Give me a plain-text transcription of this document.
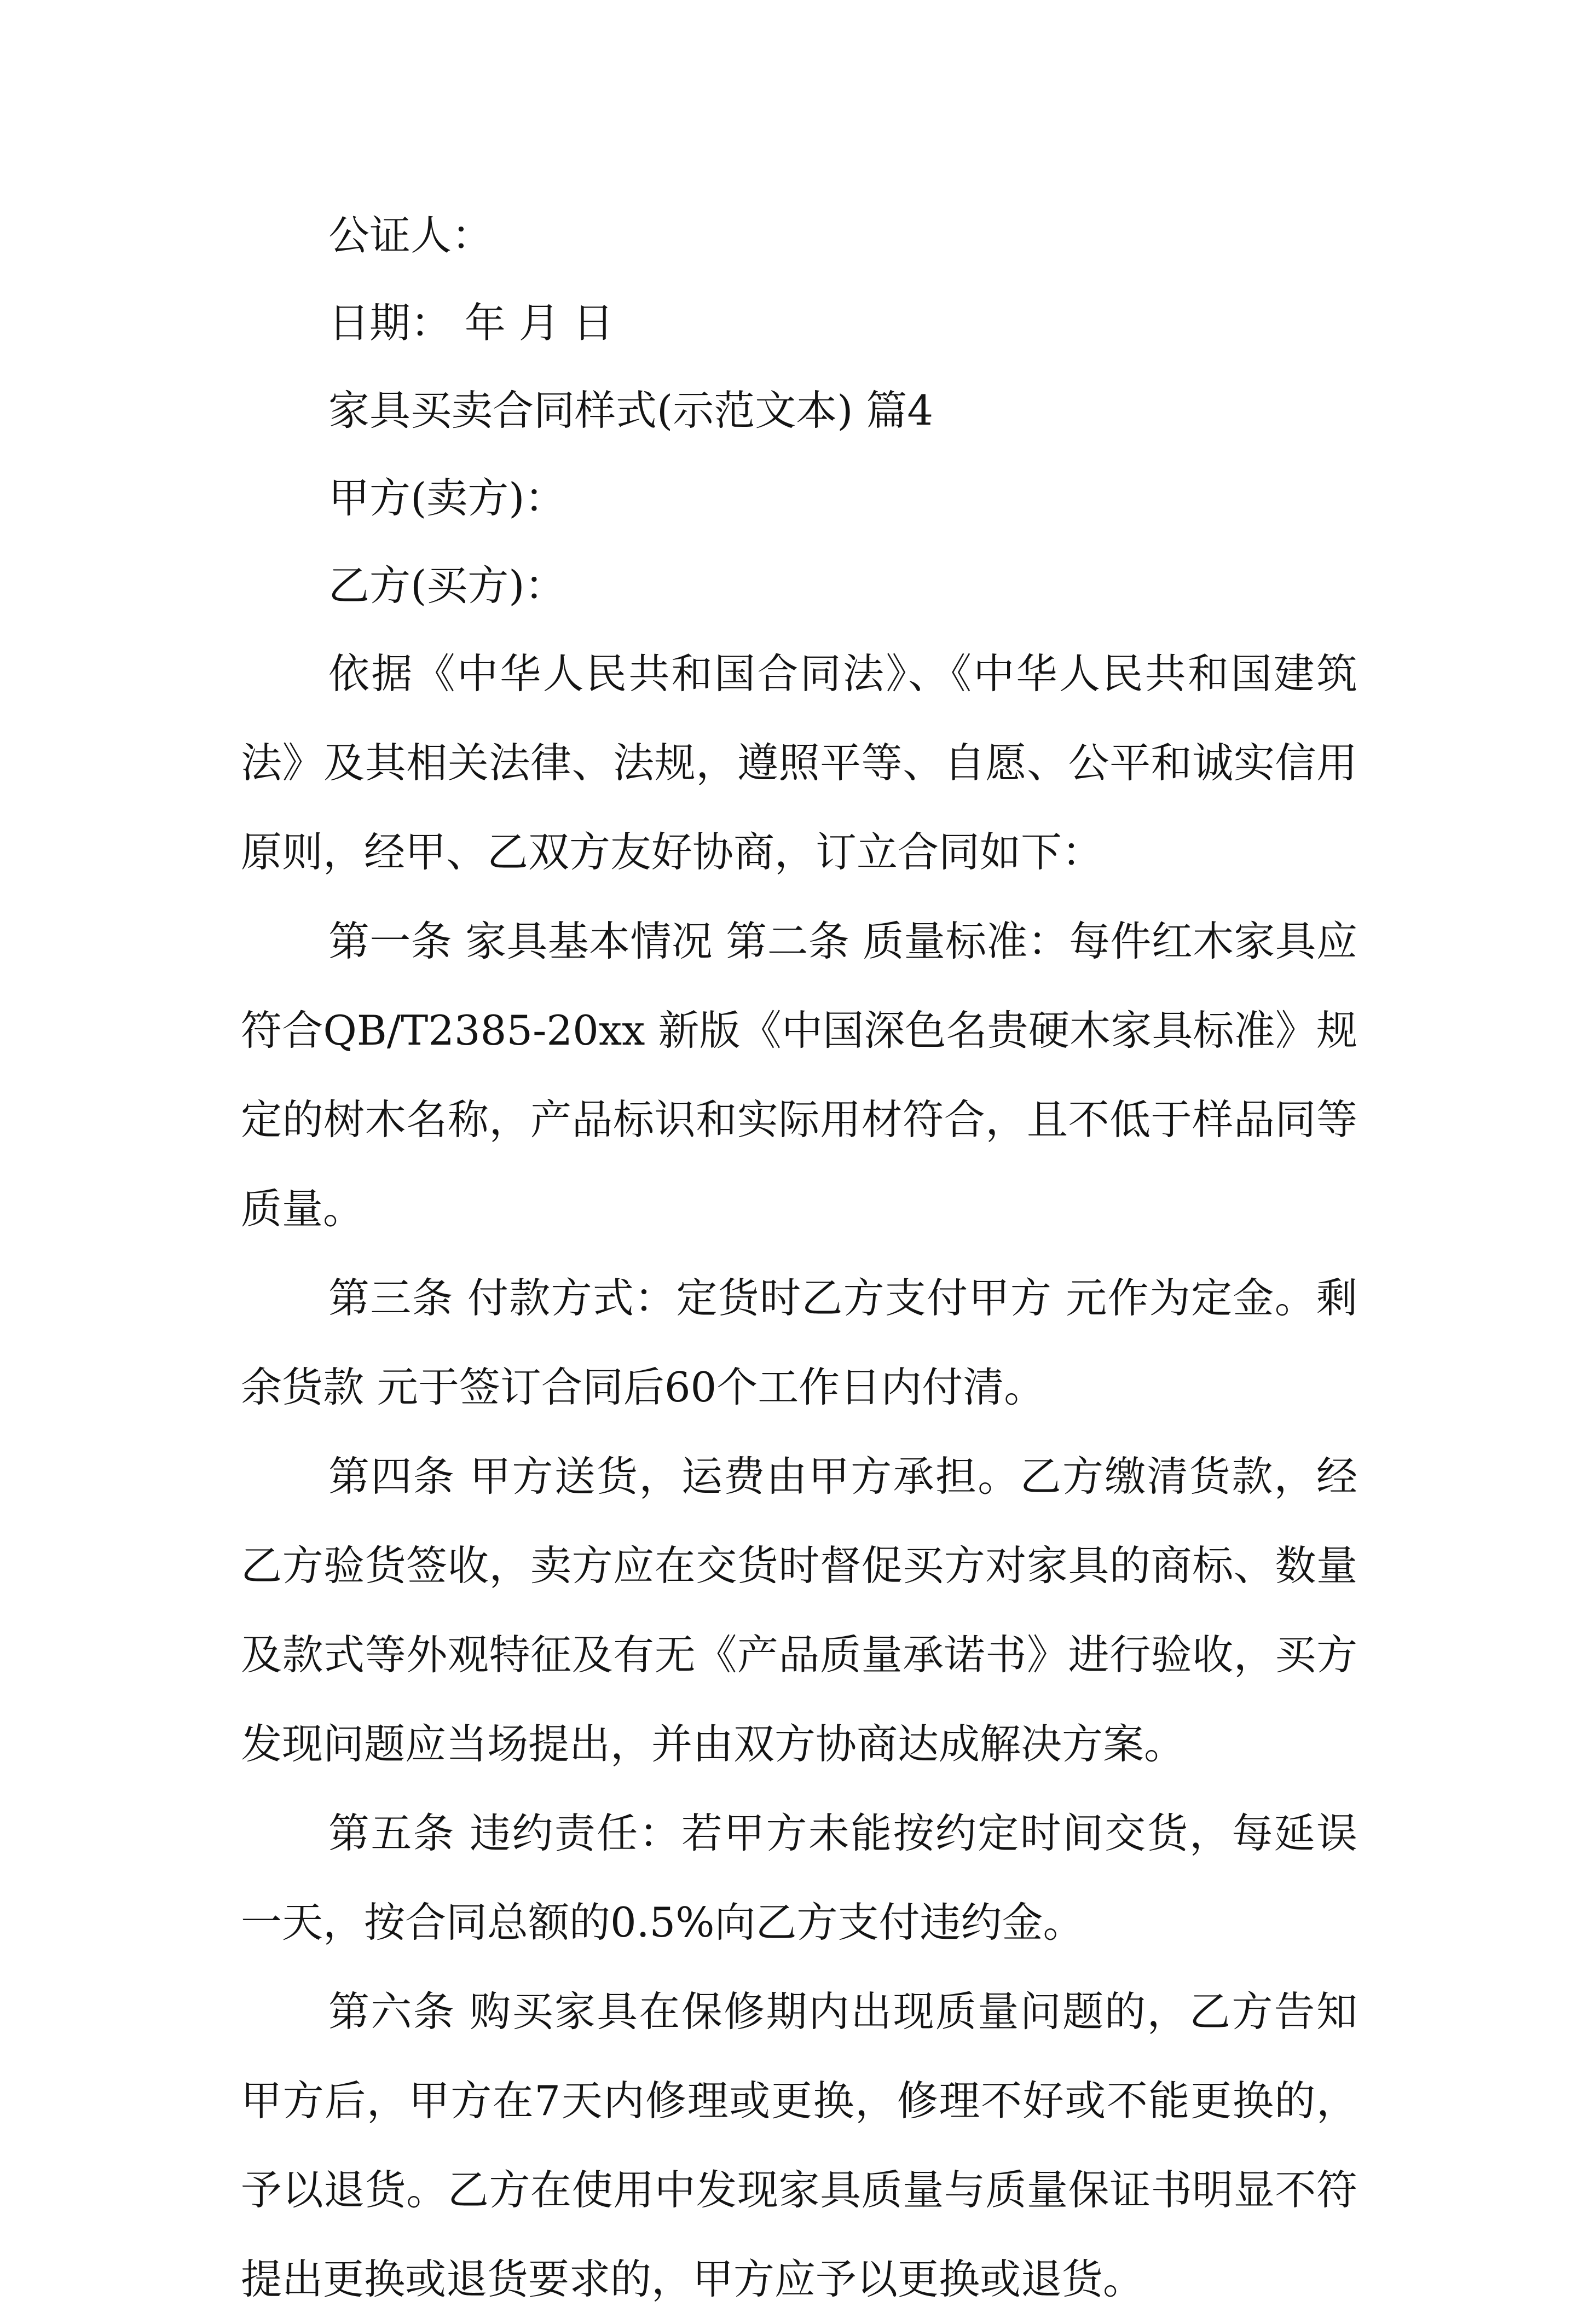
公证人：

日期： 年 月 日

家具买卖合同样式(示范文本) 篇4

甲方(卖方)：

乙方(买方)：

依据《中华人民共和国合同法》、《中华人民共和国建筑法》及其相关法律、法规，遵照平等、自愿、公平和诚实信用原则，经甲、乙双方友好协商，订立合同如下：

第一条 家具基本情况 第二条 质量标准：每件红木家具应符合QB/T2385-20xx 新版《中国深色名贵硬木家具标准》规定的树木名称，产品标识和实际用材符合，且不低于样品同等质量。

第三条 付款方式：定货时乙方支付甲方 元作为定金。剩余货款 元于签订合同后60个工作日内付清。

第四条 甲方送货，运费由甲方承担。乙方缴清货款，经乙方验货签收，卖方应在交货时督促买方对家具的商标、数量及款式等外观特征及有无《产品质量承诺书》进行验收，买方发现问题应当场提出，并由双方协商达成解决方案。

第五条 违约责任：若甲方未能按约定时间交货，每延误一天，按合同总额的0.5%向乙方支付违约金。

第六条 购买家具在保修期内出现质量问题的，乙方告知甲方后，甲方在7天内修理或更换，修理不好或不能更换的，予以退货。乙方在使用中发现家具质量与质量保证书明显不符提出更换或退货要求的，甲方应予以更换或退货。
